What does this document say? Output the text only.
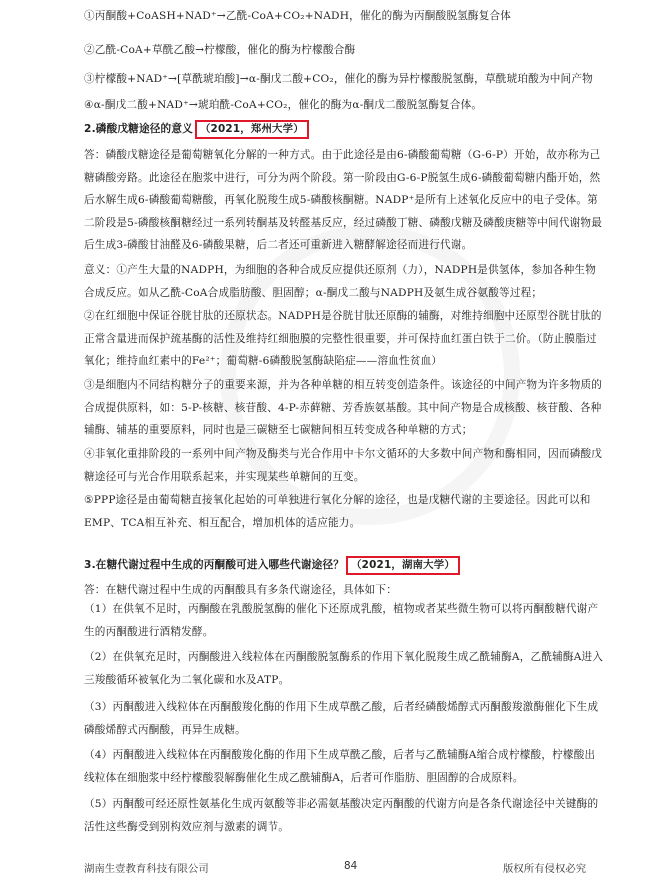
①丙酮酸+CoASH+NAD⁺→乙酰-CoA+CO₂+NADH，催化的酶为丙酮酸脱氢酶复合体
②乙酰-CoA+草酰乙酸→柠檬酸，催化的酶为柠檬酸合酶
③柠檬酸+NAD⁺→[草酰琥珀酸]→α-酮戊二酸+CO₂，催化的酶为异柠檬酸脱氢酶，草酰琥珀酸为中间产物
④α-酮戊二酸+NAD⁺→琥珀酰-CoA+CO₂，催化的酶为α-酮戊二酸脱氢酶复合体。
2.磷酸戊糖途径的意义 （2021，郑州大学）
答：磷酸戊糖途径是葡萄糖氧化分解的一种方式。由于此途径是由6-磷酸葡萄糖（G-6-P）开始，故亦称为己糖磷酸旁路。此途径在胞浆中进行，可分为两个阶段。第一阶段由G-6-P脱氢生成6-磷酸葡萄糖内酯开始，然后水解生成6-磷酸葡萄糖酸，再氧化脱羧生成5-磷酸核酮糖。NADP⁺是所有上述氧化反应中的电子受体。第二阶段是5-磷酸核酮糖经过一系列转酮基及转醛基反应，经过磷酸丁糖、磷酸戊糖及磷酸庚糖等中间代谢物最后生成3-磷酸甘油醛及6-磷酸果糖，后二者还可重新进入糖酵解途径而进行代谢。
意义：①产生大量的NADPH，为细胞的各种合成反应提供还原剂（力），NADPH是供氢体，参加各种生物合成反应。如从乙酰-CoA合成脂肪酸、胆固醇；α-酮戊二酸与NADPH及氨生成谷氨酸等过程；
②在红细胞中保证谷胱甘肽的还原状态。NADPH是谷胱甘肽还原酶的辅酶，对维持细胞中还原型谷胱甘肽的正常含量进而保护巯基酶的活性及维持红细胞膜的完整性很重要，并可保持血红蛋白铁于二价。（防止膜脂过氧化；维持血红素中的Fe²⁺；葡萄糖-6磷酸脱氢酶缺陷症——溶血性贫血）
③是细胞内不同结构糖分子的重要来源，并为各种单糖的相互转变创造条件。该途径的中间产物为许多物质的合成提供原料，如：5-P-核糖、核苷酸、4-P-赤藓糖、芳香族氨基酸。其中间产物是合成核酸、核苷酸、各种辅酶、辅基的重要原料，同时也是三碳糖至七碳糖间相互转变成各种单糖的方式；
④非氧化重排阶段的一系列中间产物及酶类与光合作用中卡尔文循环的大多数中间产物和酶相同，因而磷酸戊糖途径可与光合作用联系起来，并实现某些单糖间的互变。
⑤PPP途径是由葡萄糖直接氧化起始的可单独进行氧化分解的途径，也是戊糖代谢的主要途径。因此可以和EMP、TCA相互补充、相互配合，增加机体的适应能力。
3.在糖代谢过程中生成的丙酮酸可进入哪些代谢途径？ （2021，湖南大学）
答：在糖代谢过程中生成的丙酮酸具有多条代谢途径，具体如下：
（1）在供氧不足时，丙酮酸在乳酸脱氢酶的催化下还原成乳酸，植物或者某些微生物可以将丙酮酸糖代谢产生的丙酮酸进行酒精发酵。
（2）在供氧充足时，丙酮酸进入线粒体在丙酮酸脱氢酶系的作用下氧化脱羧生成乙酰辅酶A，乙酰辅酶A进入三羧酸循环被氧化为二氧化碳和水及ATP。
（3）丙酮酸进入线粒体在丙酮酸羧化酶的作用下生成草酰乙酸，后者经磷酸烯醇式丙酮酸羧激酶催化下生成磷酸烯醇式丙酮酸，再异生成糖。
（4）丙酮酸进入线粒体在丙酮酸羧化酶的作用下生成草酰乙酸，后者与乙酰辅酶A缩合成柠檬酸，柠檬酸出线粒体在细胞浆中经柠檬酸裂解酶催化生成乙酰辅酶A，后者可作脂肪、胆固醇的合成原料。
（5）丙酮酸可经还原性氨基化生成丙氨酸等非必需氨基酸决定丙酮酸的代谢方向是各条代谢途径中关键酶的活性这些酶受到别构效应剂与激素的调节。
湖南生壹教育科技有限公司	84	版权所有侵权必究
